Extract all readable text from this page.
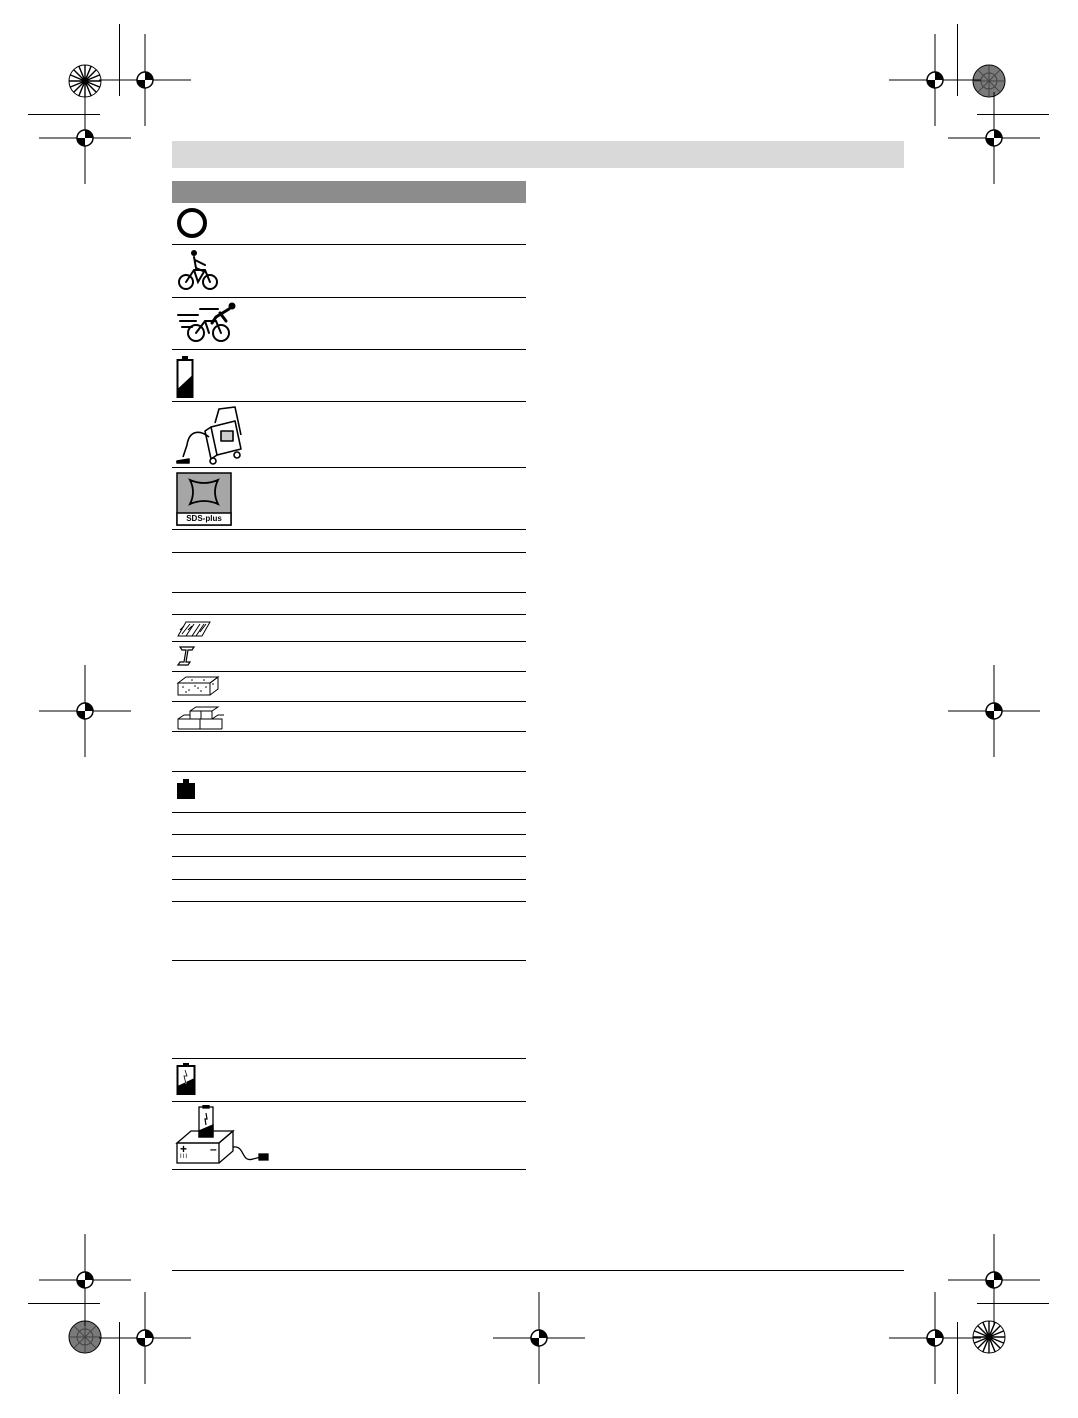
SDS-plus
+ –
III
